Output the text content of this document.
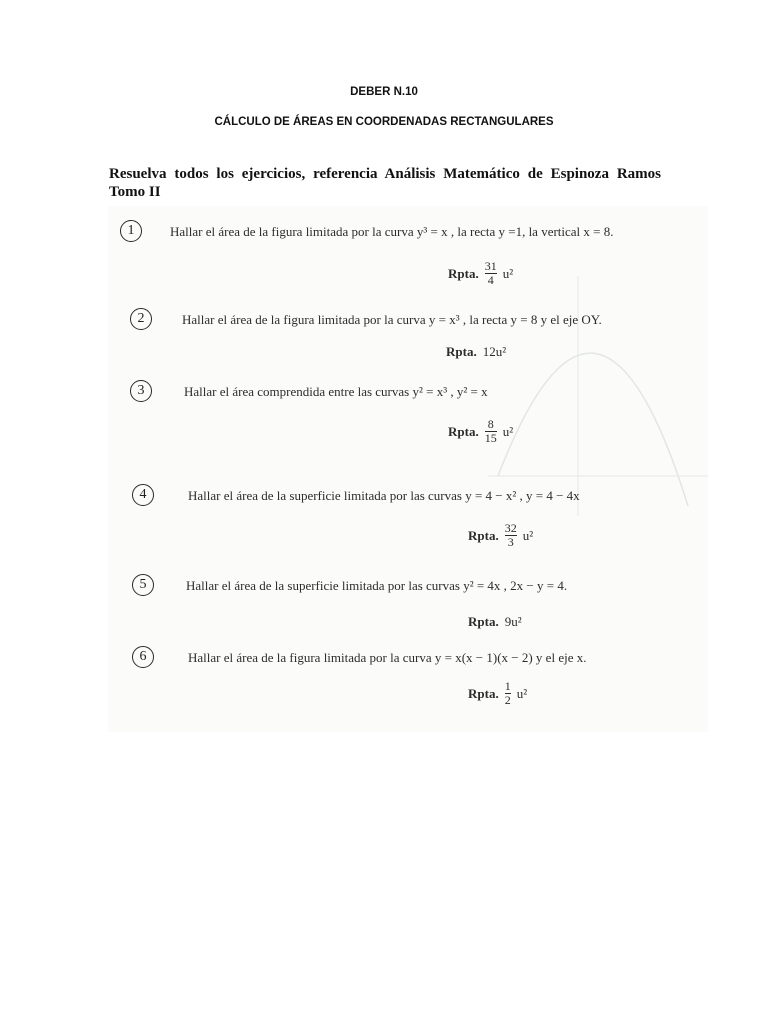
DEBER N.10
CÁLCULO DE ÁREAS EN COORDENADAS RECTANGULARES
Resuelva todos los ejercicios, referencia Análisis Matemático de Espinoza Ramos Tomo II
1	Hallar el área de la figura limitada por la curva y³ = x , la recta y =1, la vertical x = 8.
Rpta. $\frac{31}{4} u^2$
2	Hallar el área de la figura limitada por la curva y = x³ , la recta y = 8 y el eje OY.
Rpta. 12u²
3	Hallar el área comprendida entre las curvas y² = x³ , y² = x
Rpta. $\frac{8}{15} u^2$
4	Hallar el área de la superficie limitada por las curvas y = 4 − x² , y = 4 − 4x
Rpta. $\frac{32}{3} u^2$
5	Hallar el área de la superficie limitada por las curvas y² = 4x , 2x − y = 4.
Rpta. 9u²
6	Hallar el área de la figura limitada por la curva y = x(x − 1)(x − 2) y el eje x.
Rpta. $\frac{1}{2} u^2$
